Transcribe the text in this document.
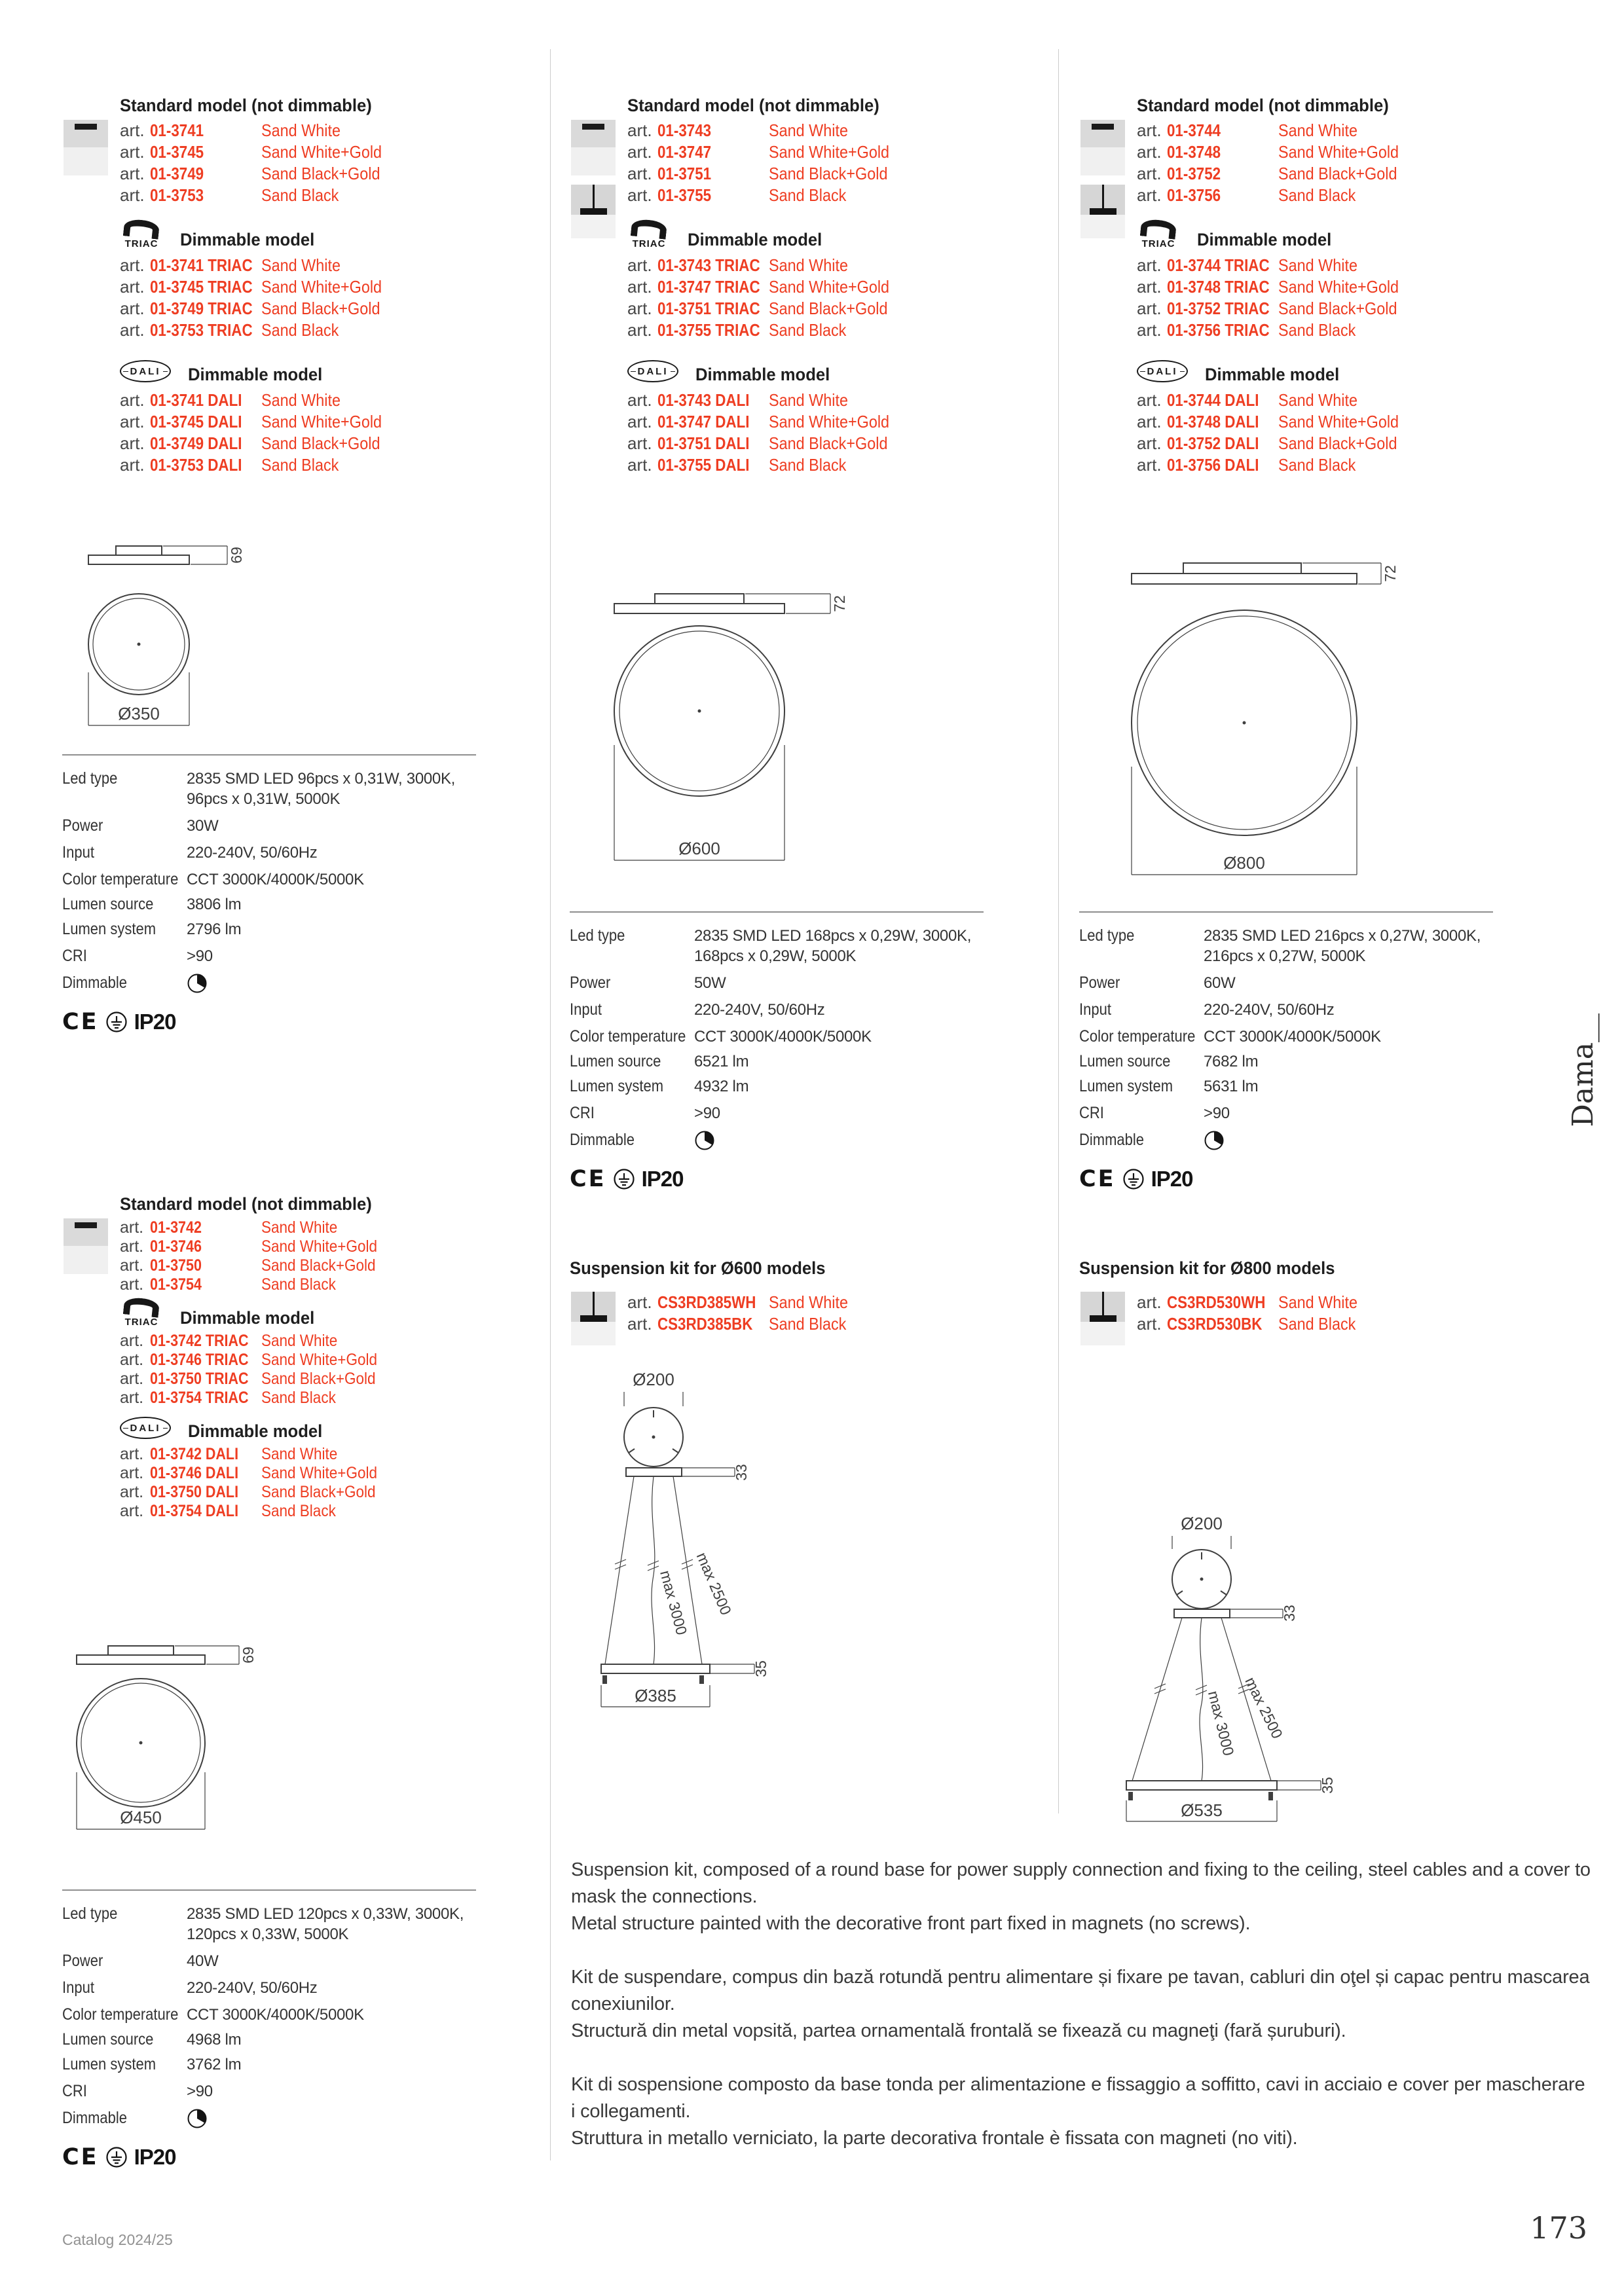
Standard model (not dimmable)
art. 01-3741	Sand White
art. 01-3745	Sand White+Gold
art. 01-3749	Sand Black+Gold
art. 01-3753	Sand Black
TRIAC Dimmable model
art. 01-3741 TRIAC Sand White
art. 01-3745 TRIAC Sand White+Gold
art. 01-3749 TRIAC Sand Black+Gold
art. 01-3753 TRIAC Sand Black
DALI Dimmable model
art. 01-3741 DALI Sand White
art. 01-3745 DALI Sand White+Gold
art. 01-3749 DALI Sand Black+Gold
art. 01-3753 DALI Sand Black
69
Ø350
Led type	2835 SMD LED 96pcs x 0,31W, 3000K,
96pcs x 0,31W, 5000K
Power	30W
Input	220-240V, 50/60Hz
Color temperature CCT 3000K/4000K/5000K
Lumen source	3806 lm
Lumen system	2796 lm
CRI	>90
Dimmable
CE IP20
Standard model (not dimmable)
art. 01-3743	Sand White
art. 01-3747	Sand White+Gold
art. 01-3751	Sand Black+Gold
art. 01-3755	Sand Black
TRIAC Dimmable model
art. 01-3743 TRIAC Sand White
art. 01-3747 TRIAC Sand White+Gold
art. 01-3751 TRIAC Sand Black+Gold
art. 01-3755 TRIAC Sand Black
DALI Dimmable model
art. 01-3743 DALI Sand White
art. 01-3747 DALI Sand White+Gold
art. 01-3751 DALI Sand Black+Gold
art. 01-3755 DALI Sand Black
72
Ø600
Led type	2835 SMD LED 168pcs x 0,29W, 3000K,
168pcs x 0,29W, 5000K
Power	50W
Input	220-240V, 50/60Hz
Color temperature CCT 3000K/4000K/5000K
Lumen source	6521 lm
Lumen system	4932 lm
CRI	>90
Dimmable
CE IP20
Standard model (not dimmable)
art. 01-3744	Sand White
art. 01-3748	Sand White+Gold
art. 01-3752	Sand Black+Gold
art. 01-3756	Sand Black
TRIAC Dimmable model
art. 01-3744 TRIAC Sand White
art. 01-3748 TRIAC Sand White+Gold
art. 01-3752 TRIAC Sand Black+Gold
art. 01-3756 TRIAC Sand Black
DALI Dimmable model
art. 01-3744 DALI Sand White
art. 01-3748 DALI Sand White+Gold
art. 01-3752 DALI Sand Black+Gold
art. 01-3756 DALI Sand Black
72
Ø800
Led type	2835 SMD LED 216pcs x 0,27W, 3000K,
216pcs x 0,27W, 5000K
Power	60W
Input	220-240V, 50/60Hz
Color temperature CCT 3000K/4000K/5000K
Lumen source	7682 lm
Lumen system	5631 lm
CRI	>90
Dimmable
CE IP20
Standard model (not dimmable)
art. 01-3742	Sand White
art. 01-3746	Sand White+Gold
art. 01-3750	Sand Black+Gold
art. 01-3754	Sand Black
TRIAC Dimmable model
art. 01-3742 TRIAC Sand White
art. 01-3746 TRIAC Sand White+Gold
art. 01-3750 TRIAC Sand Black+Gold
art. 01-3754 TRIAC Sand Black
DALI Dimmable model
art. 01-3742 DALI	Sand White
art. 01-3746 DALI	Sand White+Gold
art. 01-3750 DALI	Sand Black+Gold
art. 01-3754 DALI	Sand Black
69
Ø450
Led type	2835 SMD LED 120pcs x 0,33W, 3000K,
120pcs x 0,33W, 5000K
Power	40W
Input	220-240V, 50/60Hz
Color temperature CCT 3000K/4000K/5000K
Lumen source	4968 lm
Lumen system	3762 lm
CRI	>90
Dimmable
CE IP20
Suspension kit for Ø600 models
art. CS3RD385WH Sand White
art. CS3RD385BK Sand Black
Ø200
33
max 3000 max 2500
35
Ø385
Suspension kit for Ø800 models
art. CS3RD530WH Sand White
art. CS3RD530BK Sand Black
Ø200
33
max 3000 max 2500
35
Ø535

Suspension kit, composed of a round base for power supply connection and fixing to the ceiling, steel cables and a cover to mask the connections.
Metal structure painted with the decorative front part fixed in magnets (no screws).

Kit de suspendare, compus din bază rotundă pentru alimentare și fixare pe tavan, cabluri din oţel și capac pentru mascarea conexiunilor.
Structură din metal vopsită, partea ornamentală frontală se fixează cu magneţi (fară șuruburi).

Kit di sospensione composto da base tonda per alimentazione e fissaggio a soffitto, cavi in acciaio e cover per mascherare i collegamenti.
Struttura in metallo verniciato, la parte decorativa frontale è fissata con magneti (no viti).

Dama__
Catalog 2024/25	173
